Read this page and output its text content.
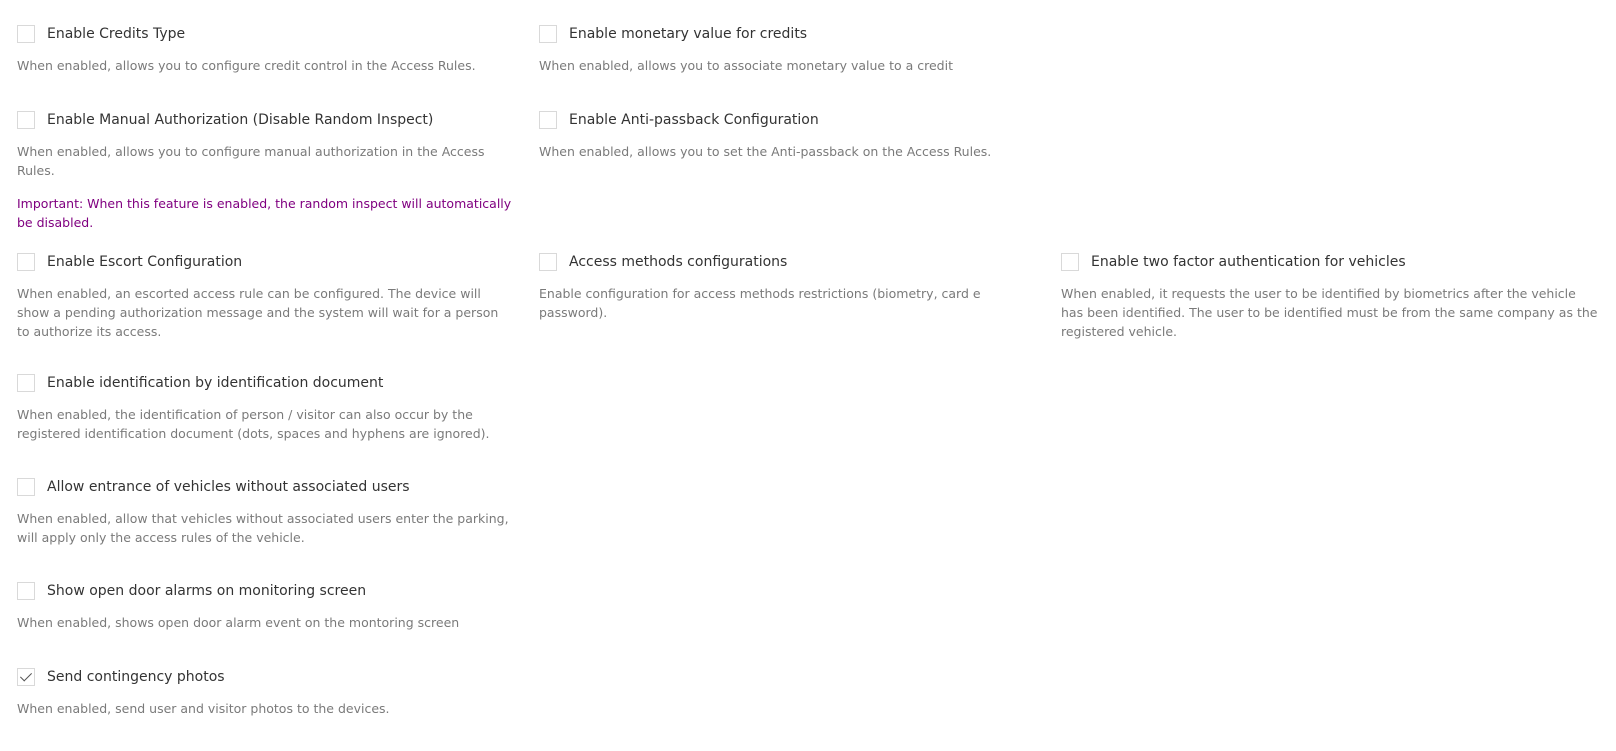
Enable Credits Type
When enabled, allows you to configure credit control in the Access Rules.
Enable monetary value for credits
When enabled, allows you to associate monetary value to a credit
Enable Manual Authorization (Disable Random Inspect)
When enabled, allows you to configure manual authorization in the Access Rules.
Important: When this feature is enabled, the random inspect will automatically be disabled.
Enable Anti-passback Configuration
When enabled, allows you to set the Anti-passback on the Access Rules.
Enable Escort Configuration
When enabled, an escorted access rule can be configured. The device will show a pending authorization message and the system will wait for a person to authorize its access.
Access methods configurations
Enable configuration for access methods restrictions (biometry, card e password).
Enable two factor authentication for vehicles
When enabled, it requests the user to be identified by biometrics after the vehicle has been identified. The user to be identified must be from the same company as the registered vehicle.
Enable identification by identification document
When enabled, the identification of person / visitor can also occur by the registered identification document (dots, spaces and hyphens are ignored).
Allow entrance of vehicles without associated users
When enabled, allow that vehicles without associated users enter the parking, will apply only the access rules of the vehicle.
Show open door alarms on monitoring screen
When enabled, shows open door alarm event on the montoring screen
Send contingency photos
When enabled, send user and visitor photos to the devices.
